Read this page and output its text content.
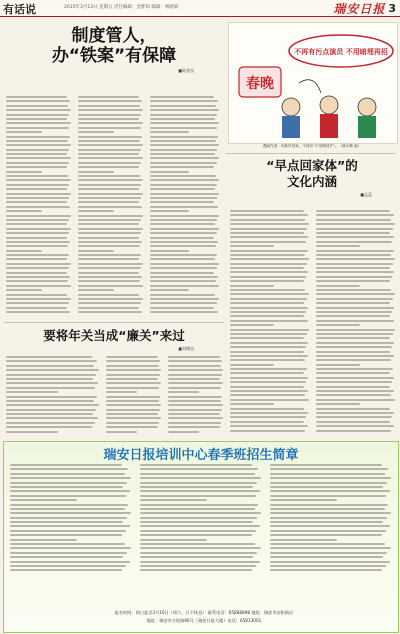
有话说	2015年3月13日 星期五 责任编辑：金胖琼 编辑：林晓斌	瑞安日报 3
制度管人，
办“铁案”有保障
■陈建良
不再有污点演员 不用暗埋再招
春晚
漫画作者：有新年回家，不再有“不用假回乡”。（翁小琳 画）
要将年关当成“廉关”来过
■刘德忠
“早点回家体”的
文化内涵
■孟蓝
瑞安日报培训中心春季班招生简章
报名时间：即日起至3月10日（周六、日不休息） 联系电话：65888898 地址：瑞安市安阳新区
地址：瑞安市万松路66号（瑞安日报大楼）电话：65813001
